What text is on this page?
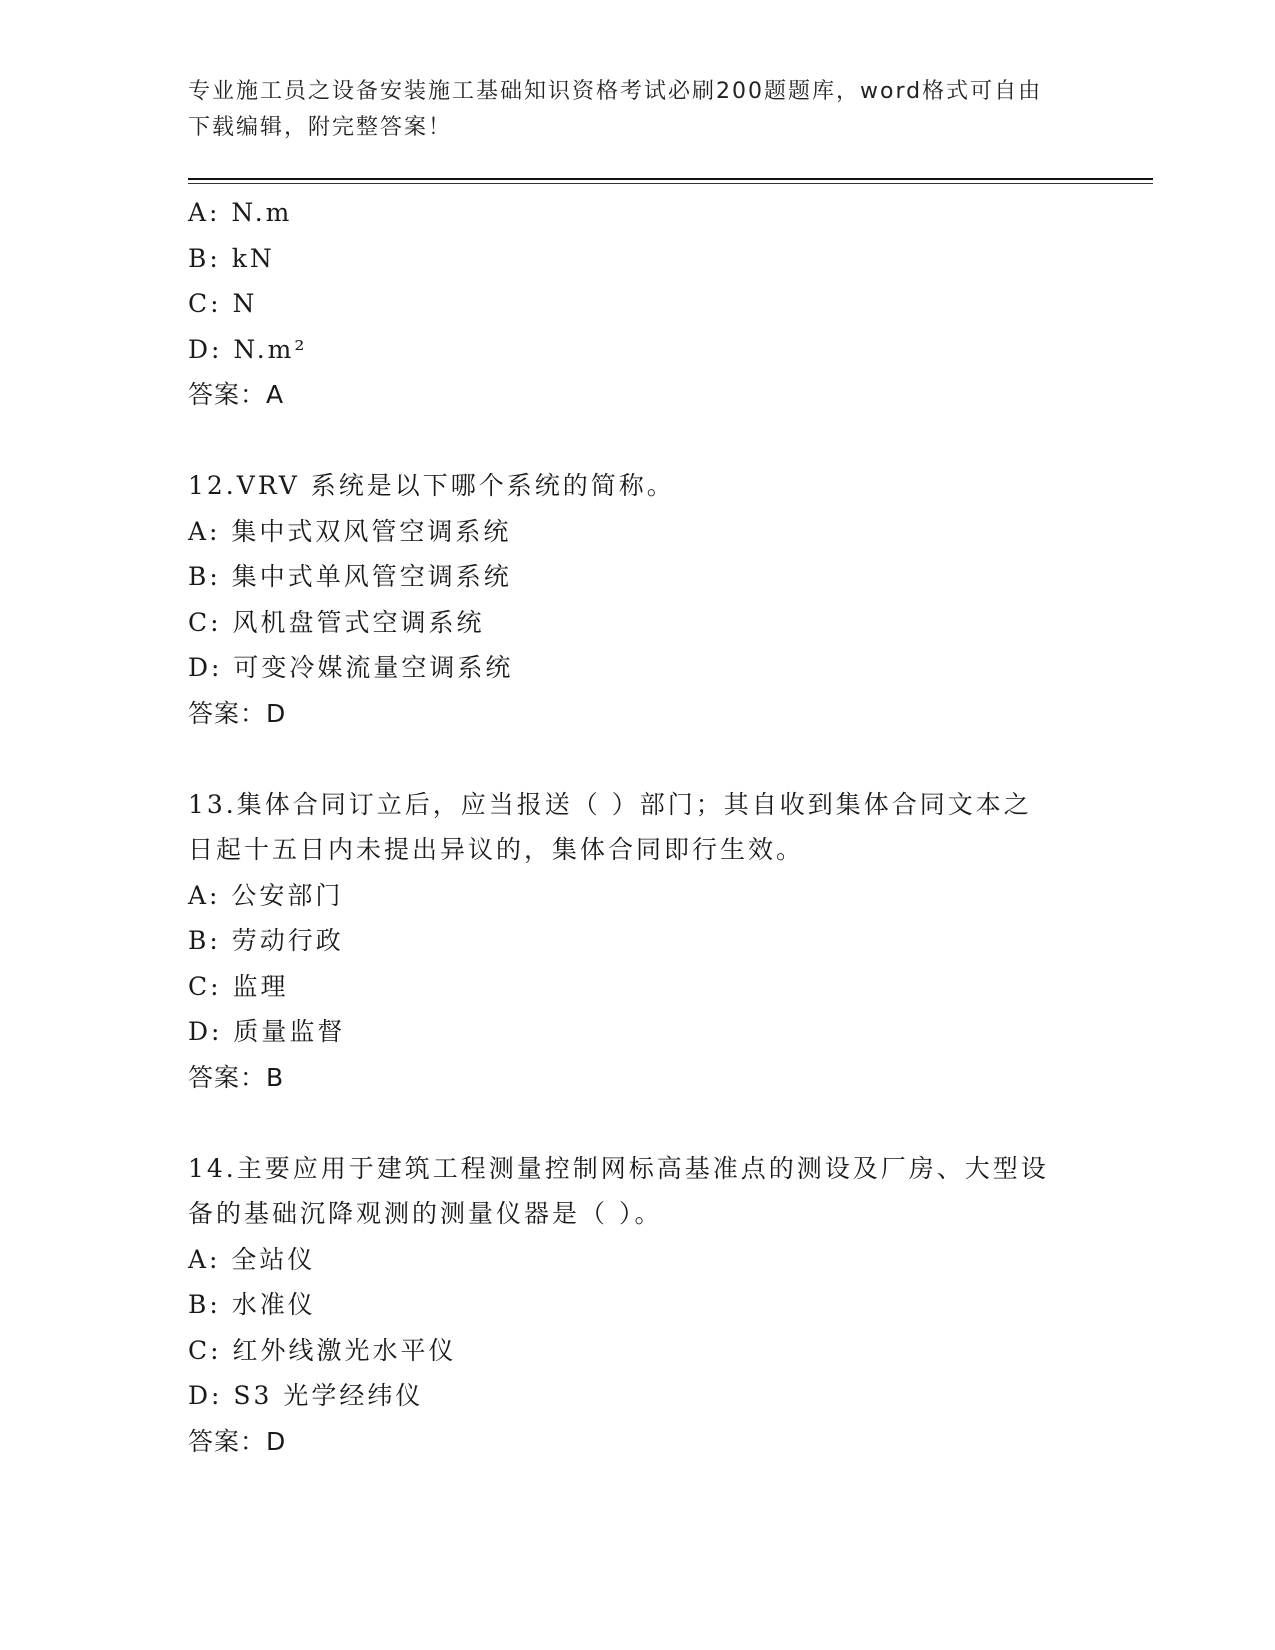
专业施工员之设备安装施工基础知识资格考试必刷200题题库，word格式可自由
下载编辑，附完整答案！
A: N.m
B: kN
C: N
D: N.m²
答案：A
12.VRV 系统是以下哪个系统的简称。
A: 集中式双风管空调系统
B: 集中式单风管空调系统
C: 风机盘管式空调系统
D: 可变冷媒流量空调系统
答案：D
13.集体合同订立后，应当报送（ ）部门；其自收到集体合同文本之
日起十五日内未提出异议的，集体合同即行生效。
A: 公安部门
B: 劳动行政
C: 监理
D: 质量监督
答案：B
14.主要应用于建筑工程测量控制网标高基准点的测设及厂房、大型设
备的基础沉降观测的测量仪器是（ ）。
A: 全站仪
B: 水准仪
C: 红外线激光水平仪
D: S3 光学经纬仪
答案：D
